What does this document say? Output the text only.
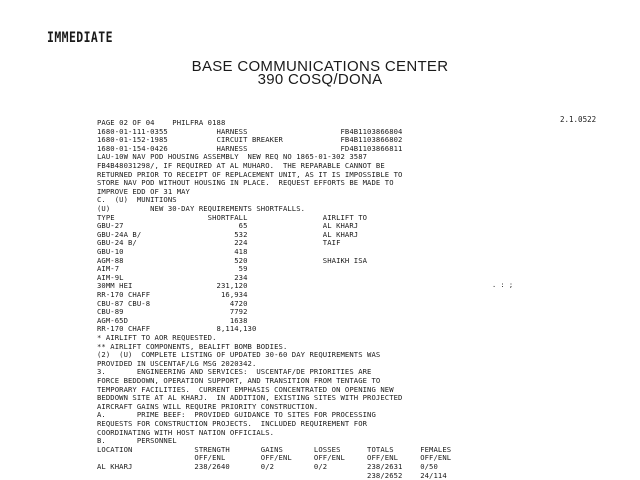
IMMEDIATE
BASE COMMUNICATIONS CENTER
390 COSQ/DONA
2.1.0522
. : ;
PAGE 02 OF 04    PHILFRA 0188
1680-01-111-0355           HARNESS                     FB4B1103866804
1680-01-152-1985           CIRCUIT BREAKER             FB4B1103866802
1680-01-154-0426           HARNESS                     FD4B1103866811
LAU-10W NAV POD HOUSING ASSEMBLY  NEW REQ NO 1865-01-302 3587
FB4B48031298/, IF REQUIRED AT AL MUHARO.  THE REPARABLE CANNOT BE
RETURNED PRIOR TO RECEIPT OF REPLACEMENT UNIT, AS IT IS IMPOSSIBLE TO
STORE NAV POD WITHOUT HOUSING IN PLACE.  REQUEST EFFORTS BE MADE TO
IMPROVE EDD OF 31 MAY
C.  (U)  MUNITIONS
(U)         NEW 30-DAY REQUIREMENTS SHORTFALLS.
TYPE                     SHORTFALL                 AIRLIFT TO
GBU-27                          65                 AL KHARJ
GBU-24A B/                     532                 AL KHARJ
GBU-24 B/                      224                 TAIF
GBU-10                         418
AGM-88                         520                 SHAIKH ISA
AIM-7                           59
AIM-9L                         234
30MM HEI                   231,120
RR-170 CHAFF                16,934
CBU-87 CBU-8                  4720
CBU-89                        7792
AGM-65D                       1638
RR-170 CHAFF               8,114,130
* AIRLIFT TO AOR REQUESTED.
** AIRLIFT COMPONENTS, BEALIFT BOMB BODIES.
(2)  (U)  COMPLETE LISTING OF UPDATED 30-60 DAY REQUIREMENTS WAS
PROVIDED IN USCENTAF/LG MSG 2020342.
3.       ENGINEERING AND SERVICES:  USCENTAF/DE PRIORITIES ARE
FORCE BEDDOWN, OPERATION SUPPORT, AND TRANSITION FROM TENTAGE TO
TEMPORARY FACILITIES.  CURRENT EMPHASIS CONCENTRATED ON OPENING NEW
BEDDOWN SITE AT AL KHARJ.  IN ADDITION, EXISTING SITES WITH PROJECTED
AIRCRAFT GAINS WILL REQUIRE PRIORITY CONSTRUCTION.
A.       PRIME BEEF:  PROVIDED GUIDANCE TO SITES FOR PROCESSING
REQUESTS FOR CONSTRUCTION PROJECTS.  INCLUDED REQUIREMENT FOR
COORDINATING WITH HOST NATION OFFICIALS.
B.       PERSONNEL
LOCATION              STRENGTH       GAINS       LOSSES      TOTALS      FEMALES
OFF/ENL        OFF/ENL     OFF/ENL     OFF/ENL     OFF/ENL
AL KHARJ              238/2640       0/2         0/2         238/2631    0/50
238/2652    24/114
